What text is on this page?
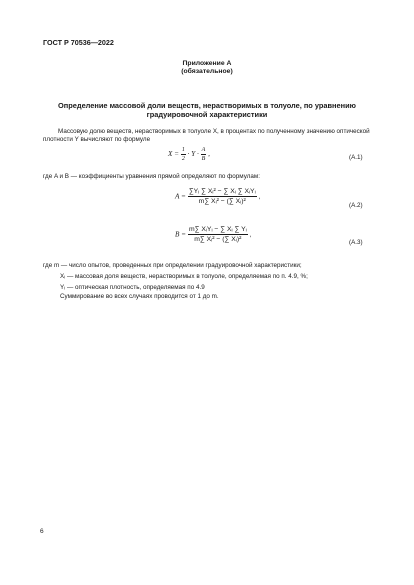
ГОСТ Р 70536—2022
Приложение А
(обязательное)
Определение массовой доли веществ, нерастворимых в толуоле, по уравнению
градуировочной характеристики
Массовую долю веществ, нерастворимых в толуоле X, в процентах по полученному значению оптической
плотности Y вычисляют по формуле
$X = \frac{1}{2} \cdot Y \cdot \frac{A}{B}$ ,	(А.1)
где A и B — коэффициенты уравнения прямой определяют по формулам:
$A = \frac{\text{∑Yᵢ ∑ Xᵢ² − ∑ Xᵢ ∑ XᵢYᵢ}}{\text{m∑ Xᵢ² − (∑ Xᵢ)²}}$ ,
(А.2)
$B = \frac{\text{m∑ XᵢYᵢ − ∑ Xᵢ ∑ Yᵢ}}{\text{m∑ Xᵢ² − (∑ Xᵢ)²}}$ ,
(А.3)
где m — число опытов, проведенных при определении градуировочной характеристики;
Xᵢ — массовая доля веществ, нерастворимых в толуоле, определяемая по п. 4.9, %;
Yᵢ — оптическая плотность, определяемая по 4.9
Суммирование во всех случаях проводится от 1 до m.
6
